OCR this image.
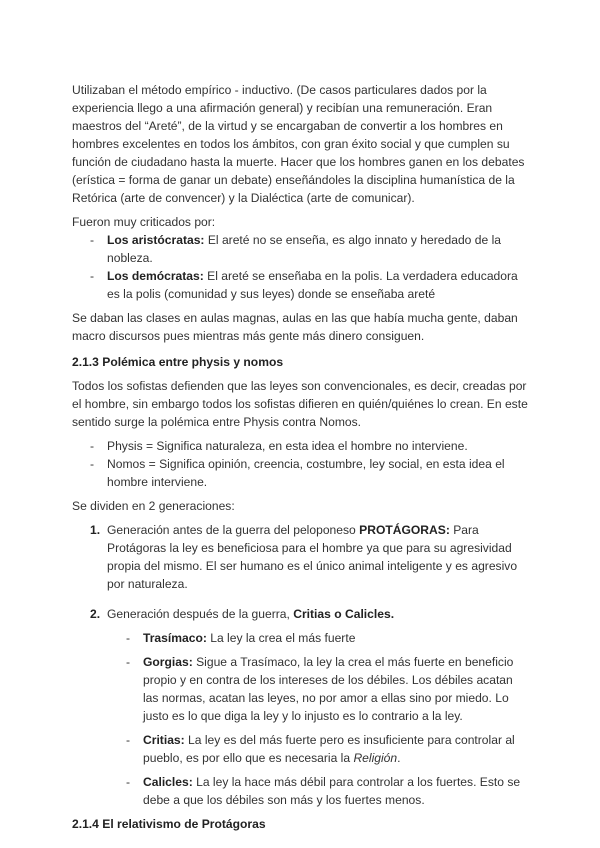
Utilizaban el método empírico - inductivo. (De casos particulares dados por la experiencia llego a una afirmación general) y recibían una remuneración. Eran maestros del “Areté”, de la virtud y se encargaban de convertir a los hombres en hombres excelentes en todos los ámbitos, con gran éxito social y que cumplen su función de ciudadano hasta la muerte. Hacer que los hombres ganen en los debates (erística = forma de ganar un debate) enseñándoles la disciplina humanística de la Retórica (arte de convencer) y la Dialéctica (arte de comunicar).

Fueron muy criticados por:

- Los aristócratas: El areté no se enseña, es algo innato y heredado de la nobleza.
- Los demócratas: El areté se enseñaba en la polis. La verdadera educadora es la polis (comunidad y sus leyes) donde se enseñaba areté

Se daban las clases en aulas magnas, aulas en las que había mucha gente, daban macro discursos pues mientras más gente más dinero consiguen.

2.1.3 Polémica entre physis y nomos

Todos los sofistas defienden que las leyes son convencionales, es decir, creadas por el hombre, sin embargo todos los sofistas difieren en quién/quiénes lo crean. En este sentido surge la polémica entre Physis contra Nomos.

- Physis = Significa naturaleza, en esta idea el hombre no interviene.
- Nomos = Significa opinión, creencia, costumbre, ley social, en esta idea el hombre interviene.

Se dividen en 2 generaciones:

1. Generación antes de la guerra del peloponeso PROTÁGORAS: Para Protágoras la ley es beneficiosa para el hombre ya que para su agresividad propia del mismo. El ser humano es el único animal inteligente y es agresivo por naturaleza.
2. Generación después de la guerra, Critias o Calicles.
- Trasímaco: La ley la crea el más fuerte
- Gorgias: Sigue a Trasímaco, la ley la crea el más fuerte en beneficio propio y en contra de los intereses de los débiles. Los débiles acatan las normas, acatan las leyes, no por amor a ellas sino por miedo. Lo justo es lo que diga la ley y lo injusto es lo contrario a la ley.
- Critias: La ley es del más fuerte pero es insuficiente para controlar al pueblo, es por ello que es necesaria la Religión.
- Calicles: La ley la hace más débil para controlar a los fuertes. Esto se debe a que los débiles son más y los fuertes menos.
2.1.4 El relativismo de Protágoras
